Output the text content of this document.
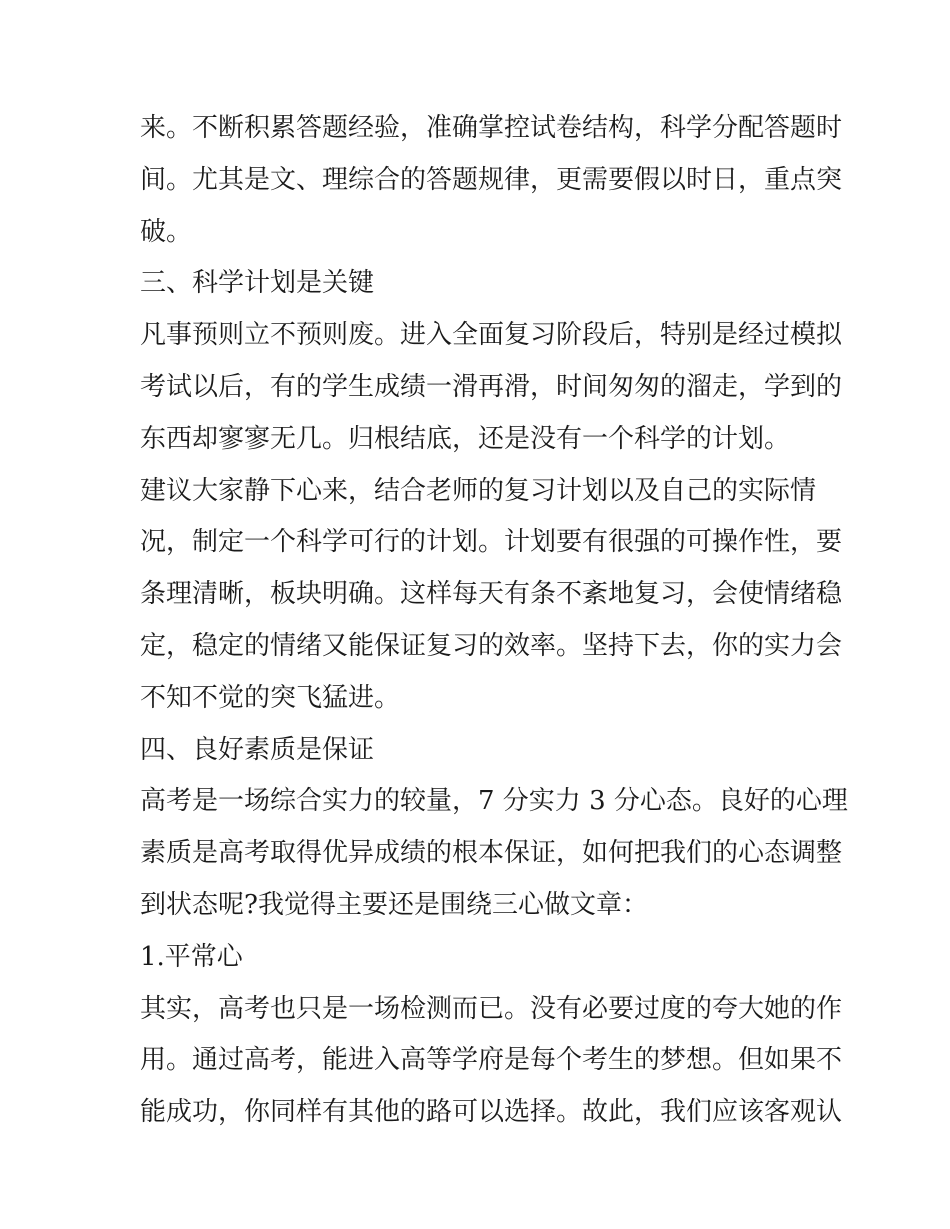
来。不断积累答题经验，准确掌控试卷结构，科学分配答题时
间。尤其是文、理综合的答题规律，更需要假以时日，重点突
破。
三、科学计划是关键
凡事预则立不预则废。进入全面复习阶段后，特别是经过模拟
考试以后，有的学生成绩一滑再滑，时间匆匆的溜走，学到的
东西却寥寥无几。归根结底，还是没有一个科学的计划。
建议大家静下心来，结合老师的复习计划以及自己的实际情
况，制定一个科学可行的计划。计划要有很强的可操作性，要
条理清晰，板块明确。这样每天有条不紊地复习，会使情绪稳
定，稳定的情绪又能保证复习的效率。坚持下去，你的实力会
不知不觉的突飞猛进。
四、良好素质是保证
高考是一场综合实力的较量，7 分实力 3 分心态。良好的心理
素质是高考取得优异成绩的根本保证，如何把我们的心态调整
到状态呢?我觉得主要还是围绕三心做文章：
1.平常心
其实，高考也只是一场检测而已。没有必要过度的夸大她的作
用。通过高考，能进入高等学府是每个考生的梦想。但如果不
能成功，你同样有其他的路可以选择。故此，我们应该客观认
